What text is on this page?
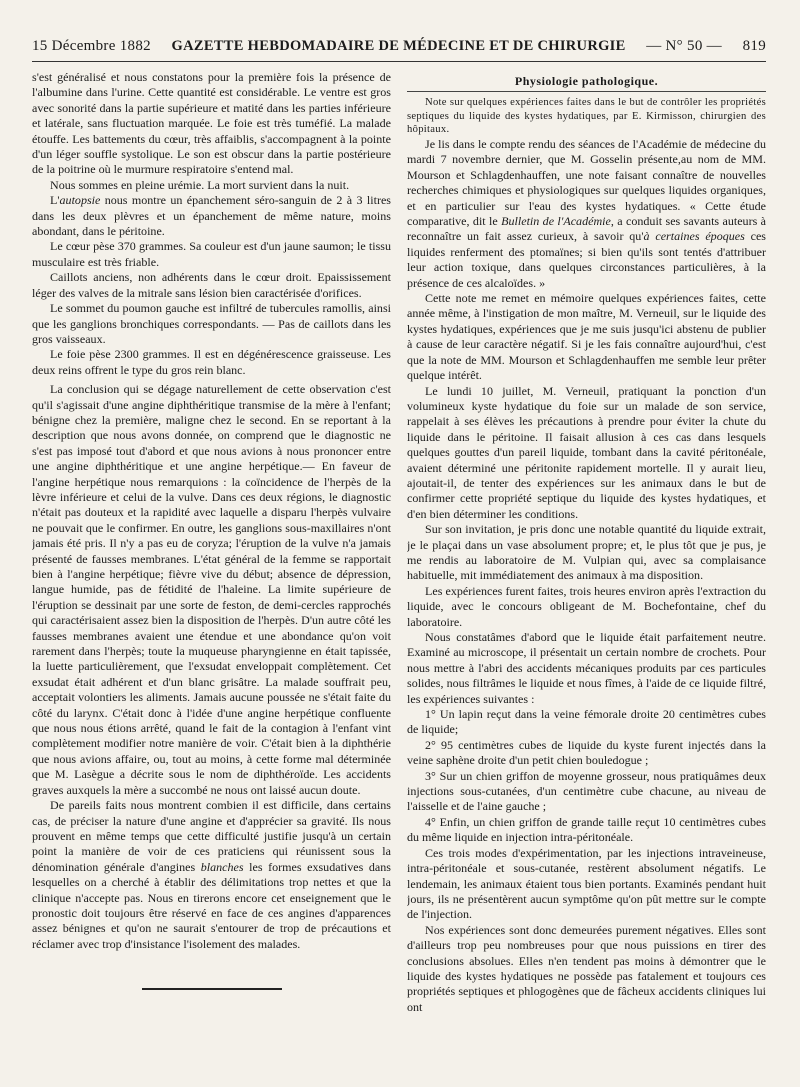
15 Décembre 1882 GAZETTE HEBDOMADAIRE DE MÉDECINE ET DE CHIRURGIE — N° 50 — 819

s'est généralisé et nous constatons pour la première fois la présence de l'albumine dans l'urine. Cette quantité est considérable. Le ventre est gros avec sonorité dans la partie supérieure et matité dans les parties inférieure et latérale, sans fluctuation marquée. Le foie est très tuméfié. La malade étouffe. Les battements du cœur, très affaiblis, s'accompagnent à la pointe d'un léger souffle systolique. Le son est obscur dans la partie postérieure de la poitrine où le murmure respiratoire s'entend mal.

Nous sommes en pleine urémie. La mort survient dans la nuit.

L'autopsie nous montre un épanchement séro-sanguin de 2 à 3 litres dans les deux plèvres et un épanchement de même nature, moins abondant, dans le péritoine.

Le cœur pèse 370 grammes. Sa couleur est d'un jaune saumon; le tissu musculaire est très friable.

Caillots anciens, non adhérents dans le cœur droit. Epaississement léger des valves de la mitrale sans lésion bien caractérisée d'orifices.

Le sommet du poumon gauche est infiltré de tubercules ramollis, ainsi que les ganglions bronchiques correspondants. — Pas de caillots dans les gros vaisseaux.

Le foie pèse 2300 grammes. Il est en dégénérescence graisseuse. Les deux reins offrent le type du gros rein blanc.

La conclusion qui se dégage naturellement de cette observation c'est qu'il s'agissait d'une angine diphthéritique transmise de la mère à l'enfant; bénigne chez la première, maligne chez le second. En se reportant à la description que nous avons donnée, on comprend que le diagnostic ne s'est pas imposé tout d'abord et que nous avions à nous prononcer entre une angine diphthéritique et une angine herpétique.— En faveur de l'angine herpétique nous remarquions : la coïncidence de l'herpès de la lèvre inférieure et celui de la vulve. Dans ces deux régions, le diagnostic n'était pas douteux et la rapidité avec laquelle a disparu l'herpès vulvaire ne pouvait que le confirmer. En outre, les ganglions sous-maxillaires n'ont jamais été pris. Il n'y a pas eu de coryza; l'éruption de la vulve n'a jamais présenté de fausses membranes. L'état général de la femme se rapportait bien à l'angine herpétique; fièvre vive du début; absence de dépression, langue humide, pas de fétidité de l'haleine. La limite supérieure de l'éruption se dessinait par une sorte de feston, de demi-cercles rapprochés qui caractérisaient assez bien la disposition de l'herpès. D'un autre côté les fausses membranes avaient une étendue et une abondance qu'on voit rarement dans l'herpès; toute la muqueuse pharyngienne en était tapissée, la luette particulièrement, que l'exsudat enveloppait complètement. Cet exsudat était adhérent et d'un blanc grisâtre. La malade souffrait peu, acceptait volontiers les aliments. Jamais aucune poussée ne s'était faite du côté du larynx. C'était donc à l'idée d'une angine herpétique confluente que nous nous étions arrêté, quand le fait de la contagion à l'enfant vint complètement modifier notre manière de voir. C'était bien à la diphthérie que nous avions affaire, ou, tout au moins, à cette forme mal déterminée que M. Lasègue a décrite sous le nom de diphthéroïde. Les accidents graves auxquels la mère a succombé ne nous ont laissé aucun doute.

De pareils faits nous montrent combien il est difficile, dans certains cas, de préciser la nature d'une angine et d'apprécier sa gravité. Ils nous prouvent en même temps que cette difficulté justifie jusqu'à un certain point la manière de voir de ces praticiens qui réunissent sous la dénomination générale d'angines blanches les formes exsudatives dans lesquelles on a cherché à établir des délimitations trop nettes et que la clinique n'accepte pas. Nous en tirerons encore cet enseignement que le pronostic doit toujours être réservé en face de ces angines d'apparences assez bénignes et qu'on ne saurait s'entourer de trop de précautions et réclamer avec trop d'insistance l'isolement des malades.

Physiologie pathologique.

Note sur quelques expériences faites dans le but de contrôler les propriétés septiques du liquide des kystes hydatiques, par E. Kirmisson, chirurgien des hôpitaux.

Je lis dans le compte rendu des séances de l'Académie de médecine du mardi 7 novembre dernier, que M. Gosselin présente,au nom de MM. Mourson et Schlagdenhauffen, une note faisant connaître de nouvelles recherches chimiques et physiologiques sur quelques liquides organiques, et en particulier sur l'eau des kystes hydatiques. « Cette étude comparative, dit le Bulletin de l'Académie, a conduit ses savants auteurs à reconnaître un fait assez curieux, à savoir qu'à certaines époques ces liquides renferment des ptomaïnes; si bien qu'ils sont tentés d'attribuer leur action toxique, dans quelques circonstances particulières, à la présence de ces alcaloïdes. »

Cette note me remet en mémoire quelques expériences faites, cette année même, à l'instigation de mon maître, M. Verneuil, sur le liquide des kystes hydatiques, expériences que je me suis jusqu'ici abstenu de publier à cause de leur caractère négatif. Si je les fais connaître aujourd'hui, c'est que la note de MM. Mourson et Schlagdenhauffen me semble leur prêter quelque intérêt.

Le lundi 10 juillet, M. Verneuil, pratiquant la ponction d'un volumineux kyste hydatique du foie sur un malade de son service, rappelait à ses élèves les précautions à prendre pour éviter la chute du liquide dans le péritoine. Il faisait allusion à ces cas dans lesquels quelques gouttes d'un pareil liquide, tombant dans la cavité péritonéale, avaient déterminé une péritonite rapidement mortelle. Il y aurait lieu, ajoutait-il, de tenter des expériences sur les animaux dans le but de confirmer cette propriété septique du liquide des kystes hydatiques, et d'en bien déterminer les conditions.

Sur son invitation, je pris donc une notable quantité du liquide extrait, je le plaçai dans un vase absolument propre; et, le plus tôt que je pus, je me rendis au laboratoire de M. Vulpian qui, avec sa complaisance habituelle, mit immédiatement des animaux à ma disposition.

Les expériences furent faites, trois heures environ après l'extraction du liquide, avec le concours obligeant de M. Bochefontaine, chef du laboratoire.

Nous constatâmes d'abord que le liquide était parfaitement neutre. Examiné au microscope, il présentait un certain nombre de crochets. Pour nous mettre à l'abri des accidents mécaniques produits par ces particules solides, nous filtrâmes le liquide et nous fîmes, à l'aide de ce liquide filtré, les expériences suivantes :

1° Un lapin reçut dans la veine fémorale droite 20 centimètres cubes de liquide;

2° 95 centimètres cubes de liquide du kyste furent injectés dans la veine saphène droite d'un petit chien bouledogue ;

3° Sur un chien griffon de moyenne grosseur, nous pratiquâmes deux injections sous-cutanées, d'un centimètre cube chacune, au niveau de l'aisselle et de l'aine gauche ;

4° Enfin, un chien griffon de grande taille reçut 10 centimètres cubes du même liquide en injection intra-péritonéale.

Ces trois modes d'expérimentation, par les injections intraveineuse, intra-péritonéale et sous-cutanée, restèrent absolument négatifs. Le lendemain, les animaux étaient tous bien portants. Examinés pendant huit jours, ils ne présentèrent aucun symptôme qu'on pût mettre sur le compte de l'injection.

Nos expériences sont donc demeurées purement négatives. Elles sont d'ailleurs trop peu nombreuses pour que nous puissions en tirer des conclusions absolues. Elles n'en tendent pas moins à démontrer que le liquide des kystes hydatiques ne possède pas fatalement et toujours ces propriétés septiques et phlogogènes que de fâcheux accidents cliniques lui ont
